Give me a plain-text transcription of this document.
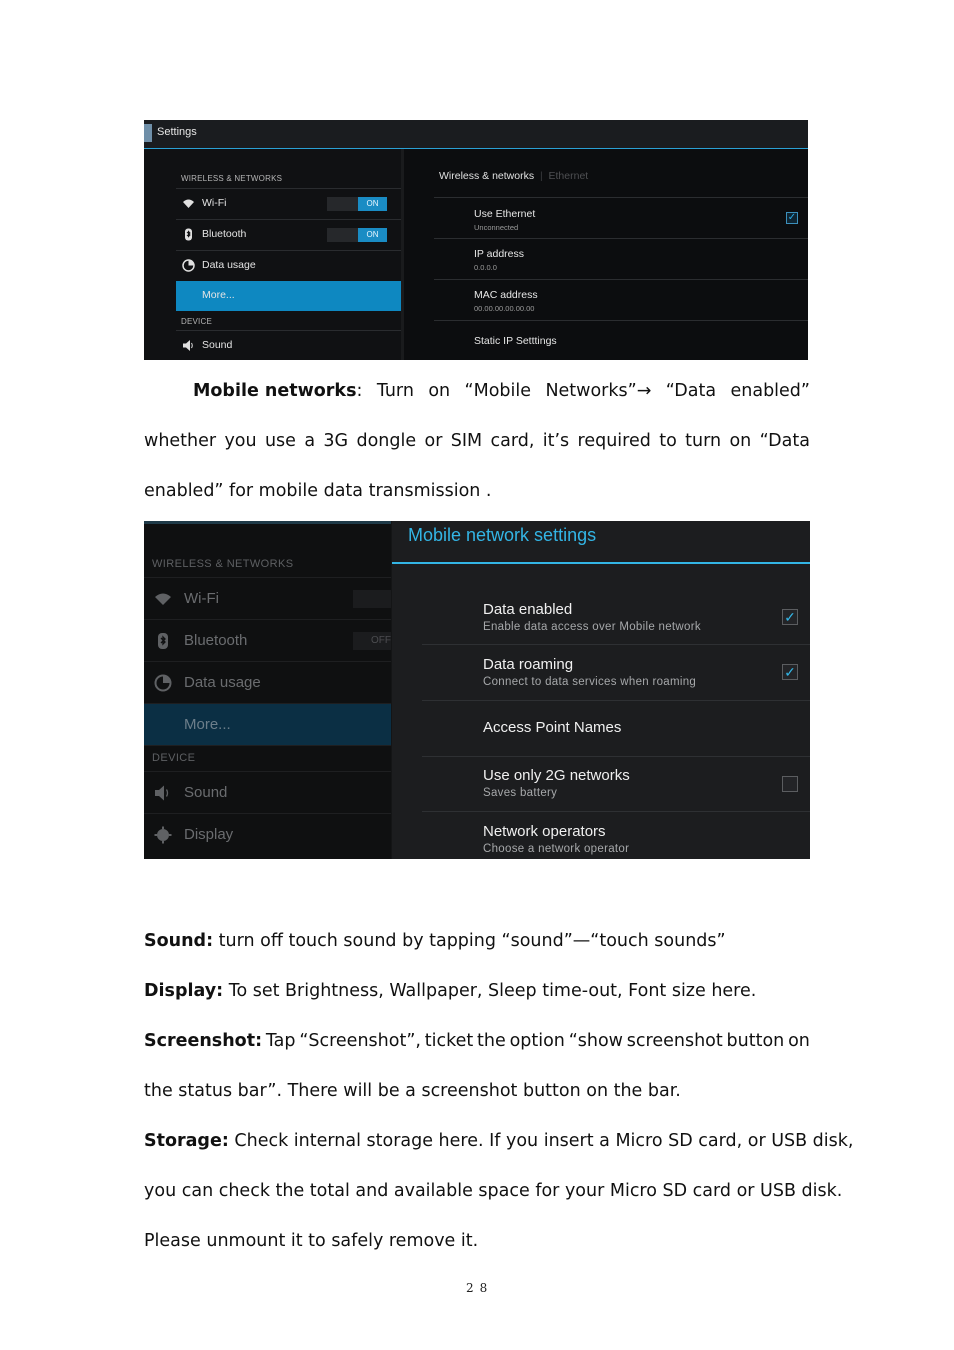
Settings
WIRELESS & NETWORKS
Wi-Fi	ON
Bluetooth	ON
Data usage
More...
DEVICE
Sound
Wireless & networks  |  Ethernet
Use Ethernet
Unconnected
✓
IP address
0.0.0.0
MAC address
00.00.00.00.00.00
Static IP Setttings
Mobile networks: Turn on “Mobile Networks”→ “Data enabled”
whether you use a 3G dongle or SIM card, it’s required to turn on “Data
enabled” for mobile data transmission .
WIRELESS & NETWORKS
Wi-Fi
Bluetooth	OFF
Data usage
More...
DEVICE
Sound
Display
Mobile network settings
Data enabled
Enable data access over Mobile network
✓
Data roaming
Connect to data services when roaming
✓
Access Point Names
Use only 2G networks
Saves battery
Network operators
Choose a network operator
Sound: turn off touch sound by tapping “sound”—“touch sounds”
Display: To set Brightness, Wallpaper, Sleep time-out, Font size here.
Screenshot: Tap “Screenshot”, ticket the option “show screenshot button on
the status bar”. There will be a screenshot button on the bar.
Storage: Check internal storage here. If you insert a Micro SD card, or USB disk,
you can check the total and available space for your Micro SD card or USB disk.
Please unmount it to safely remove it.
28
